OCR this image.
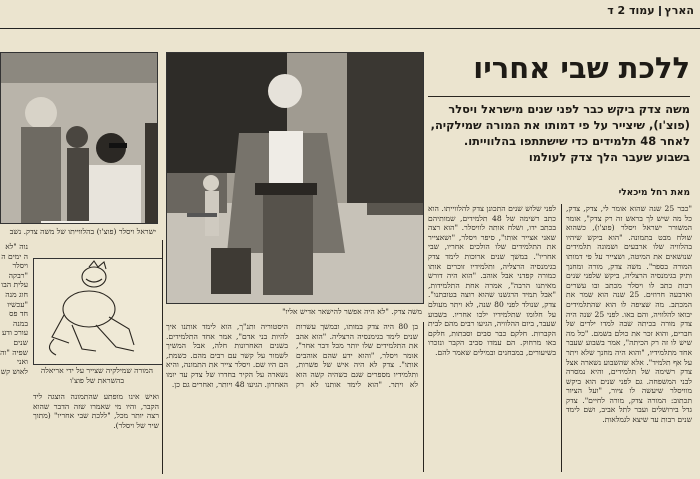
הארץעמוד 2 ד
ישראל ויסלר (פוצ'ו) בהלווייתו של משה צדק. נשב
משה צדק. "לא היה אפשר להישאר אדיש אליו"
ללכת שבי אחריו
משה צדק ביקש כבר לפני שנים מישראל ויסלר (פוצ'ו), שיצייר על פי דמותו את המורה שמילקיה, לאחר 48 תלמידים כדי שישתתפו בהלווייתו. בשבוע שעבר הלך צדק לעולמו
מאת רחל מיכאלי
"כבר 25 שנה שהוא אומר לי, צדק, צדק, כל מה שיש לך בראש זה רק צדק", אומר המשורר ישראל ויסלר (פוצ'ו), כשהוא שולח מבט בתמונה. "הוא ביקש שיהיו בהלוויה שלו ארבעים ושמונה תלמידים שנושאים את המיטה, ושצייר על פי דמותו המורה בספר". משה צדק, מורה ומחנך ותיק בגימנסיה הרצליה, ביקש שלפני שנים רבות כתב לו ויסלר מכתב ובו עשרים וארבעה חרוזים. 25 שנה הוא שמר את המכתב. מה שציפה לו הוא שהתלמידים יבואו להלוויה, והם באו. לפני 25 שנה היה צדק מורה בכיתה שבה למדו ילדים של חברים, והוא זכר את כולם בשמם. "כל מה שיש לו זה רק הכיתה", אמר בשבוע שעבר אחד מתלמידיו, "והוא היה מחנך שלא ויתר על אף תלמיד". אלא שהשבוע נשארה אצל צדק רשימה של תלמידים, והיא נמסרה לבני המשפחה. גם לפני שנים הוא ביקש מוויסלר שיעשה לו ציור, "ועל הציור תכתוב: המורה צדק, מורה לחיים". צדק גדל בירושלים ועבר לתל אביב, ושם לימד שנים רבות עד שיצא לגמלאות.
לפני שלוש שנים התכונן צדק להלווייתו. הוא כתב רשימה של 48 תלמידים, שמותיהם בכתב ידו, ושלח אותה לוויסלר. "הוא רצה שאני אצייר אותו", סיפר ויסלר, "ושאצייר את התלמידים שלו הולכים אחריו, שבי אחריו". במשך שנים ארוכות לימד צדק בגימנסיה הרצליה, ותלמידיו זוכרים אותו כמורה קפדני אבל אוהב. "הוא היה דורש מאיתנו הרבה", אמרה אחת התלמידות, "אבל תמיד הרגשנו שהוא רוצה בטובתנו". צדק, שנולד לפני 80 שנה, לא ויתר מעולם על חלומו שתלמידיו ילכו אחריו. בשבוע שעבר, ביום ההלוויה, הגיעו רבים מהם לבית הקברות. חלקם כבר סבים וסבתות, חלקם באו מרחוק. הם עמדו סביב הקבר ונזכרו בשיעורים, במבחנים ובמילים שאמר להם.
בן 80 היה צדק במותו, ובמשך עשרות שנים לימד בגימנסיה הרצליה. "הוא אהב את התלמידים שלו יותר מכל דבר אחר", אומר ויסלר, "והוא ידע שהם אוהבים אותו". צדק לא היה איש של פשרות, ותלמידיו מספרים שגם כשהיה קשה הוא לא ויתר. "הוא לימד אותנו לא רק היסטוריה ותנ"ך, הוא לימד אותנו איך להיות בני אדם", אמר אחד התלמידים. בשנים האחרונות חלה, אבל המשיך לשמור על קשר עם רבים מהם. כשמת, הם היו שם. ויסלר צייר את התמונה, והיא נשארה על הקיר בחדרו של צדק עד יומו האחרון. הגיעו 48 ויותר, ואחרים גם כן.
המורה שמילקיה שצייר על ידי אריאלה בהשראת של פוצ'ו
ואיש אינו מופתע שהתמונה הוצגה ליד הקבר, והיו מי שאמרו שזה הדבר שהוא רצה יותר מכל, "ללכת שבי אחריו" (מתוך שיר של ויסלר).
נוה "לא ה ימים ה ויסלר "רבקה עלית הבו חוג מנה "עכשיו חד פס במנה עורכ ודע שנים שפיה "וה ואני לאוש קש
